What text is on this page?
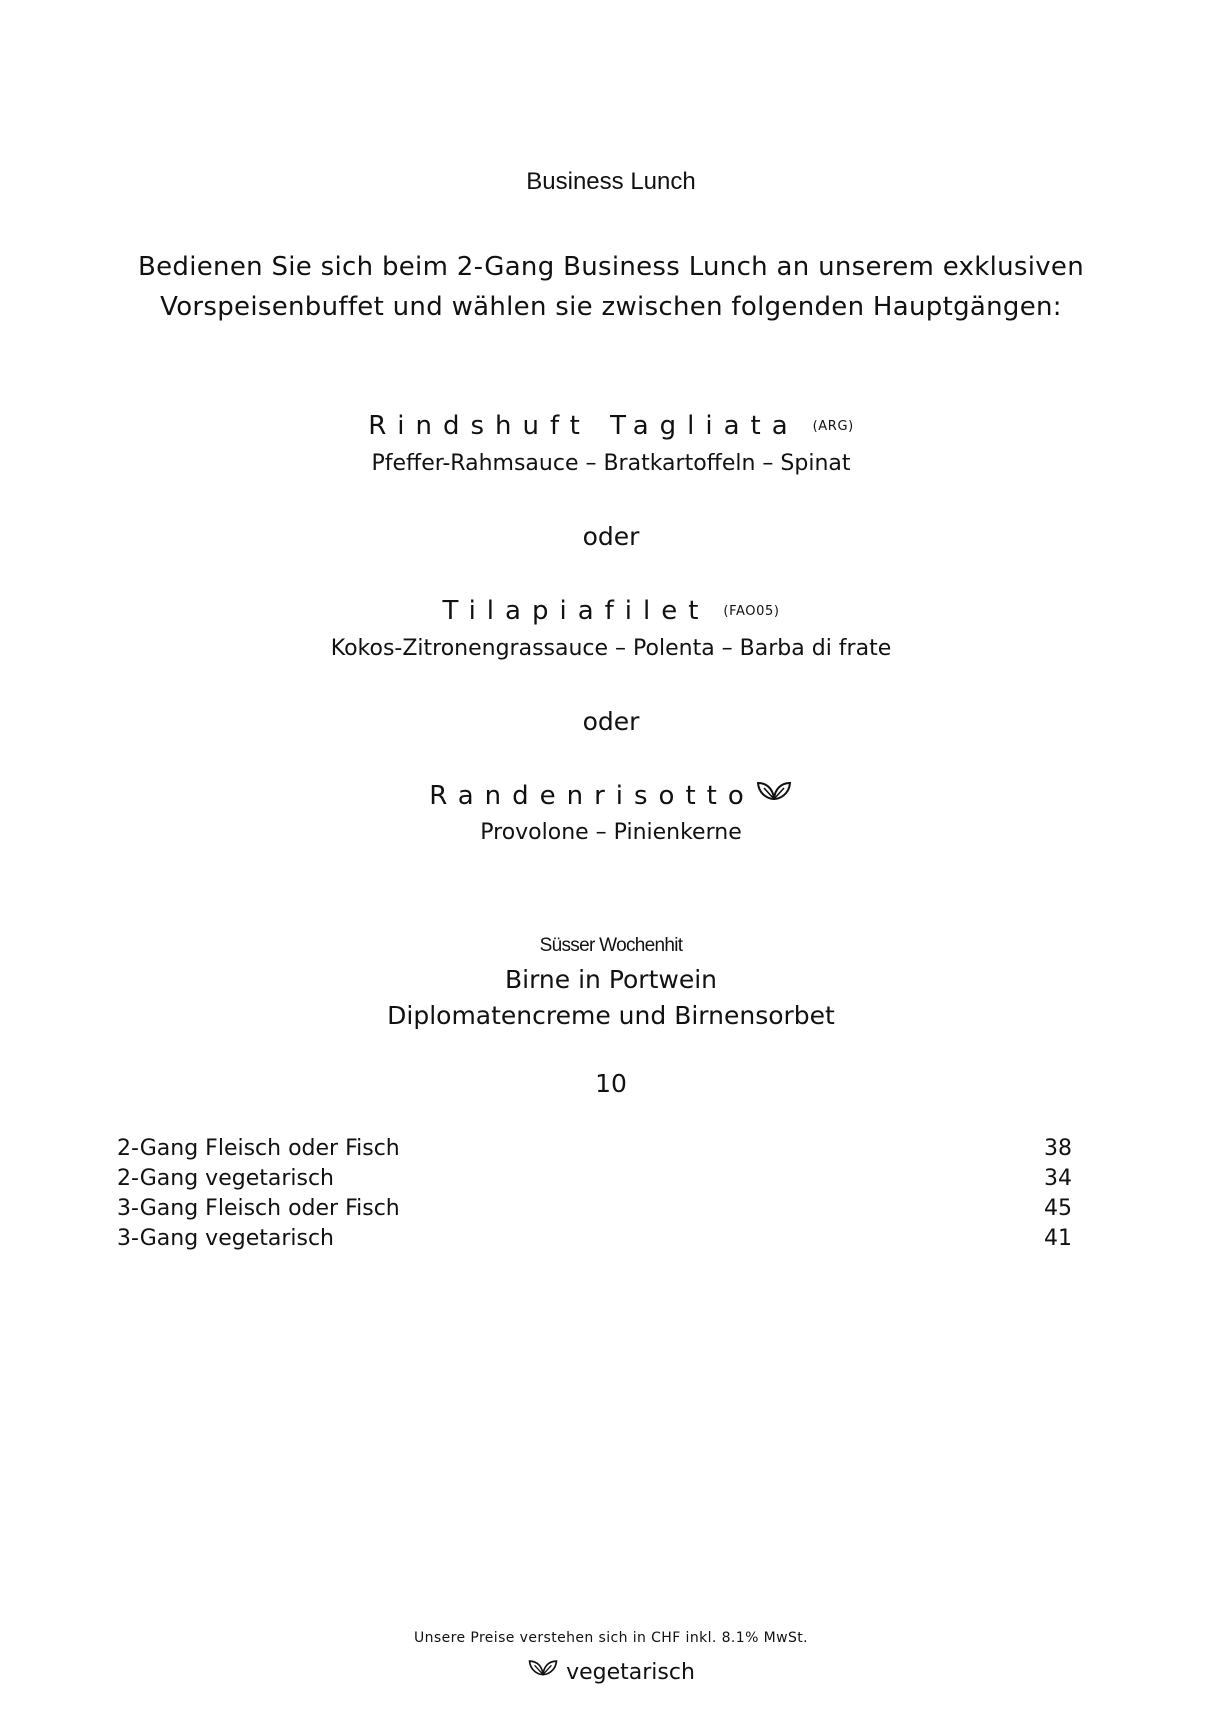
Business Lunch
Bedienen Sie sich beim 2-Gang Business Lunch an unserem exklusiven
Vorspeisenbuffet und wählen sie zwischen folgenden Hauptgängen:
Rindshuft Tagliata (ARG)
Pfeffer-Rahmsauce – Bratkartoffeln – Spinat
oder
Tilapiafilet (FAO05)
Kokos-Zitronengrassauce – Polenta – Barba di frate
oder
Randenrisotto
Provolone – Pinienkerne
Süsser Wochenhit
Birne in Portwein
Diplomatencreme und Birnensorbet
10
2-Gang Fleisch oder Fisch	38
2-Gang vegetarisch	34
3-Gang Fleisch oder Fisch	45
3-Gang vegetarisch	41
Unsere Preise verstehen sich in CHF inkl. 8.1% MwSt.
vegetarisch
